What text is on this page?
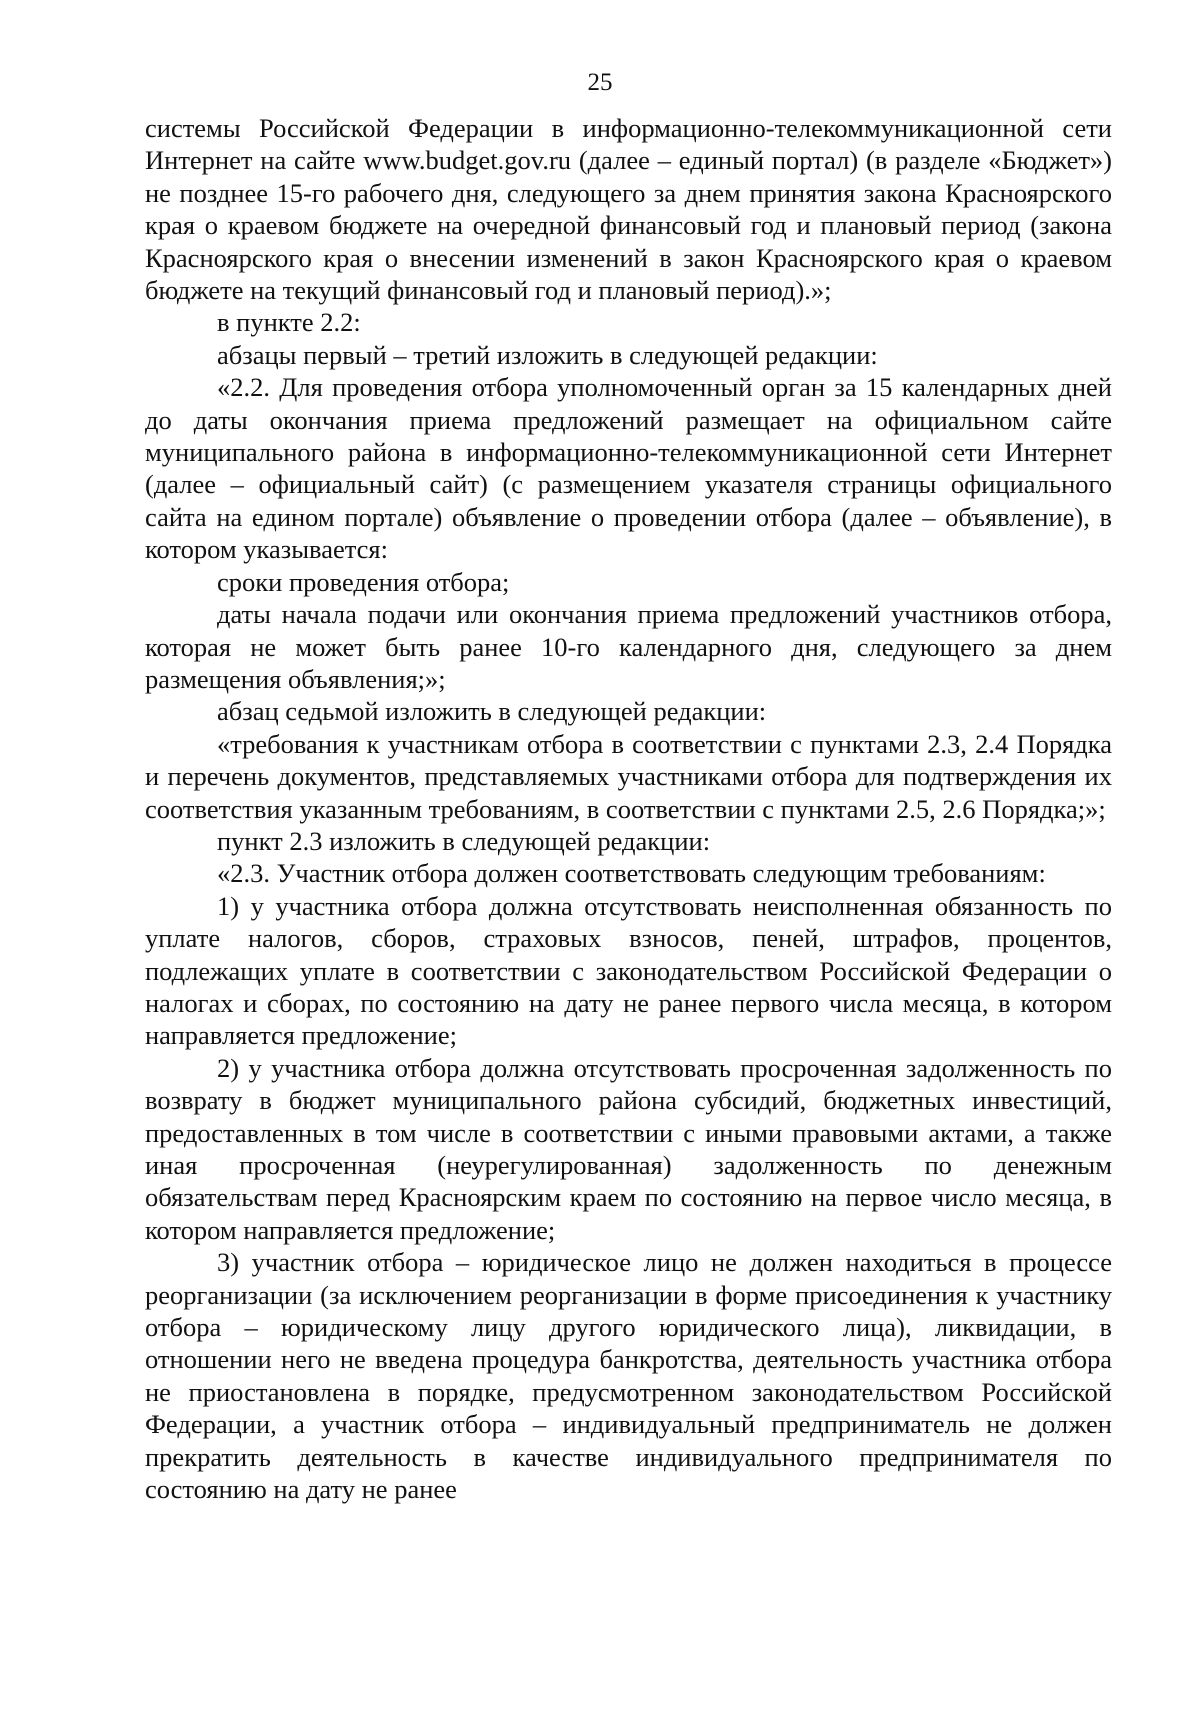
25

системы Российской Федерации в информационно-телекоммуникационной сети Интернет на сайте www.budget.gov.ru (далее – единый портал) (в разделе «Бюджет») не позднее 15-го рабочего дня, следующего за днем принятия закона Красноярского края о краевом бюджете на очередной финансовый год и плановый период (закона Красноярского края о внесении изменений в закон Красноярского края о краевом бюджете на текущий финансовый год и плановый период).»;

в пункте 2.2:

абзацы первый – третий изложить в следующей редакции:

«2.2. Для проведения отбора уполномоченный орган за 15 календарных дней до даты окончания приема предложений размещает на официальном сайте муниципального района в информационно-телекоммуникационной сети Интернет (далее – официальный сайт) (с размещением указателя страницы официального сайта на едином портале) объявление о проведении отбора (далее – объявление), в котором указывается:

сроки проведения отбора;

даты начала подачи или окончания приема предложений участников отбора, которая не может быть ранее 10-го календарного дня, следующего за днем размещения объявления;»;

абзац седьмой изложить в следующей редакции:

«требования к участникам отбора в соответствии с пунктами 2.3, 2.4 Порядка и перечень документов, представляемых участниками отбора для подтверждения их соответствия указанным требованиям, в соответствии с пунктами 2.5, 2.6 Порядка;»;

пункт 2.3 изложить в следующей редакции:

«2.3. Участник отбора должен соответствовать следующим требованиям:

1) у участника отбора должна отсутствовать неисполненная обязанность по уплате налогов, сборов, страховых взносов, пеней, штрафов, процентов, подлежащих уплате в соответствии с законодательством Российской Федерации о налогах и сборах, по состоянию на дату не ранее первого числа месяца, в котором направляется предложение;

2) у участника отбора должна отсутствовать просроченная задолженность по возврату в бюджет муниципального района субсидий, бюджетных инвестиций, предоставленных в том числе в соответствии с иными правовыми актами, а также иная просроченная (неурегулированная) задолженность по денежным обязательствам перед Красноярским краем по состоянию на первое число месяца, в котором направляется предложение;

3) участник отбора – юридическое лицо не должен находиться в процессе реорганизации (за исключением реорганизации в форме присоединения к участнику отбора – юридическому лицу другого юридического лица), ликвидации, в отношении него не введена процедура банкротства, деятельность участника отбора не приостановлена в порядке, предусмотренном законодательством Российской Федерации, а участник отбора – индивидуальный предприниматель не должен прекратить деятельность в качестве индивидуального предпринимателя по состоянию на дату не ранее
